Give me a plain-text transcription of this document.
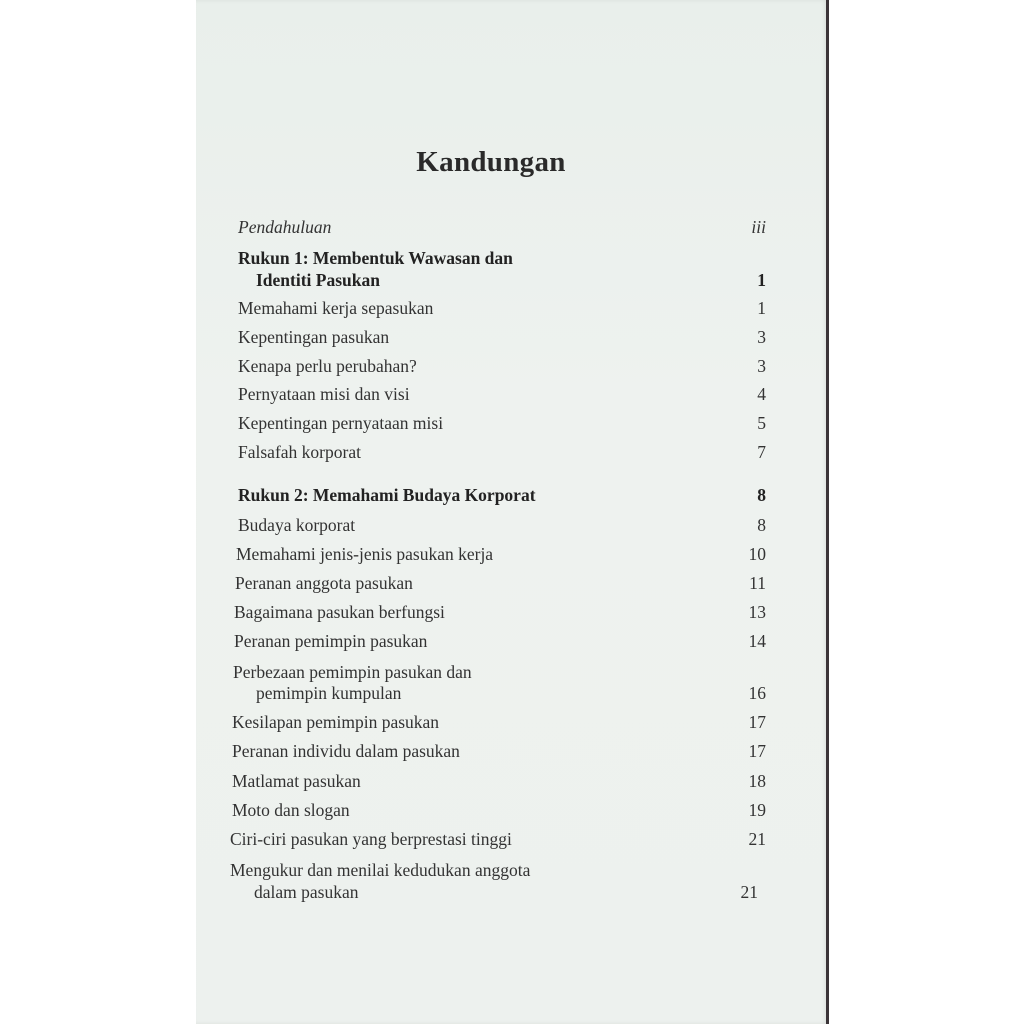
Kandungan
Pendahuluan	iii
Rukun 1: Membentuk Wawasan dan
Identiti Pasukan	1
Memahami kerja sepasukan	1
Kepentingan pasukan	3
Kenapa perlu perubahan?	3
Pernyataan misi dan visi	4
Kepentingan pernyataan misi	5
Falsafah korporat	7
Rukun 2: Memahami Budaya Korporat	8
Budaya korporat	8
Memahami jenis-jenis pasukan kerja	10
Peranan anggota pasukan	11
Bagaimana pasukan berfungsi	13
Peranan pemimpin pasukan	14
Perbezaan pemimpin pasukan dan
pemimpin kumpulan	16
Kesilapan pemimpin pasukan	17
Peranan individu dalam pasukan	17
Matlamat pasukan	18
Moto dan slogan	19
Ciri-ciri pasukan yang berprestasi tinggi	21
Mengukur dan menilai kedudukan anggota
dalam pasukan	21
